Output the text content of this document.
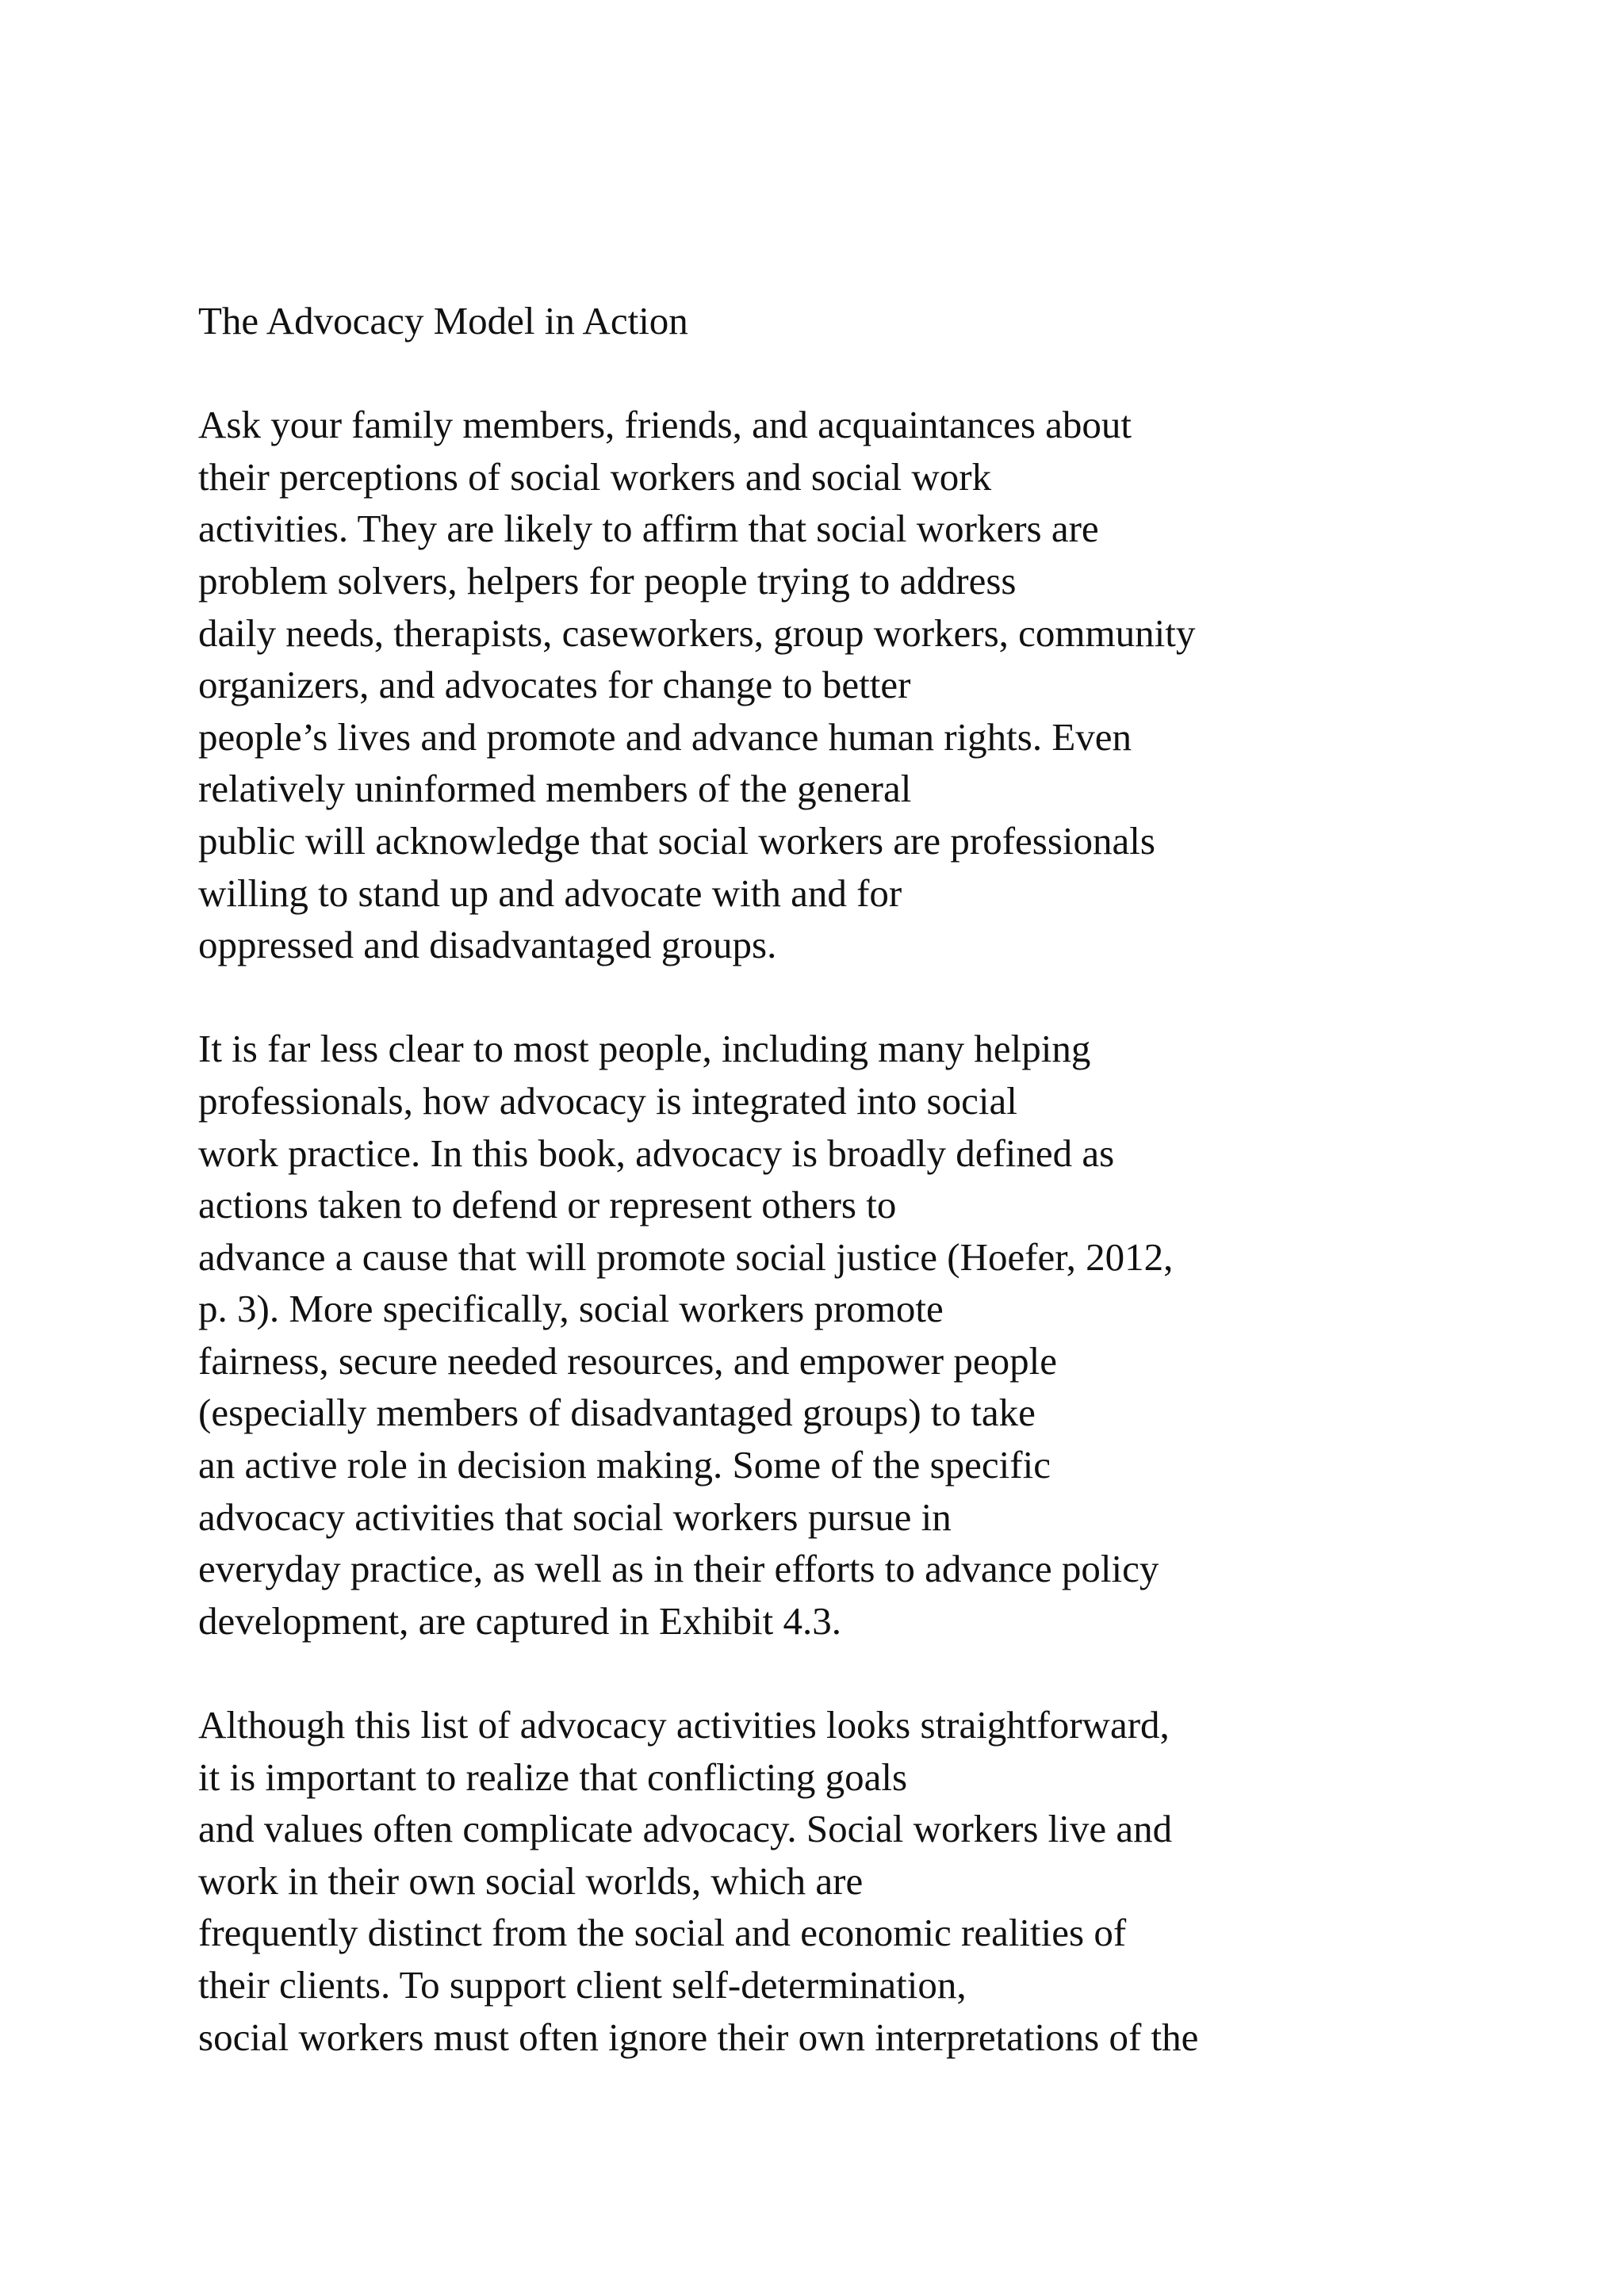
The Advocacy Model in Action
Ask your family members, friends, and acquaintances about
their perceptions of social workers and social work
activities. They are likely to affirm that social workers are
problem solvers, helpers for people trying to address
daily needs, therapists, caseworkers, group workers, community
organizers, and advocates for change to better
people’s lives and promote and advance human rights. Even
relatively uninformed members of the general
public will acknowledge that social workers are professionals
willing to stand up and advocate with and for
oppressed and disadvantaged groups.
It is far less clear to most people, including many helping
professionals, how advocacy is integrated into social
work practice. In this book, advocacy is broadly defined as
actions taken to defend or represent others to
advance a cause that will promote social justice (Hoefer, 2012,
p. 3). More specifically, social workers promote
fairness, secure needed resources, and empower people
(especially members of disadvantaged groups) to take
an active role in decision making. Some of the specific
advocacy activities that social workers pursue in
everyday practice, as well as in their efforts to advance policy
development, are captured in Exhibit 4.3.
Although this list of advocacy activities looks straightforward,
it is important to realize that conflicting goals
and values often complicate advocacy. Social workers live and
work in their own social worlds, which are
frequently distinct from the social and economic realities of
their clients. To support client self-determination,
social workers must often ignore their own interpretations of the
